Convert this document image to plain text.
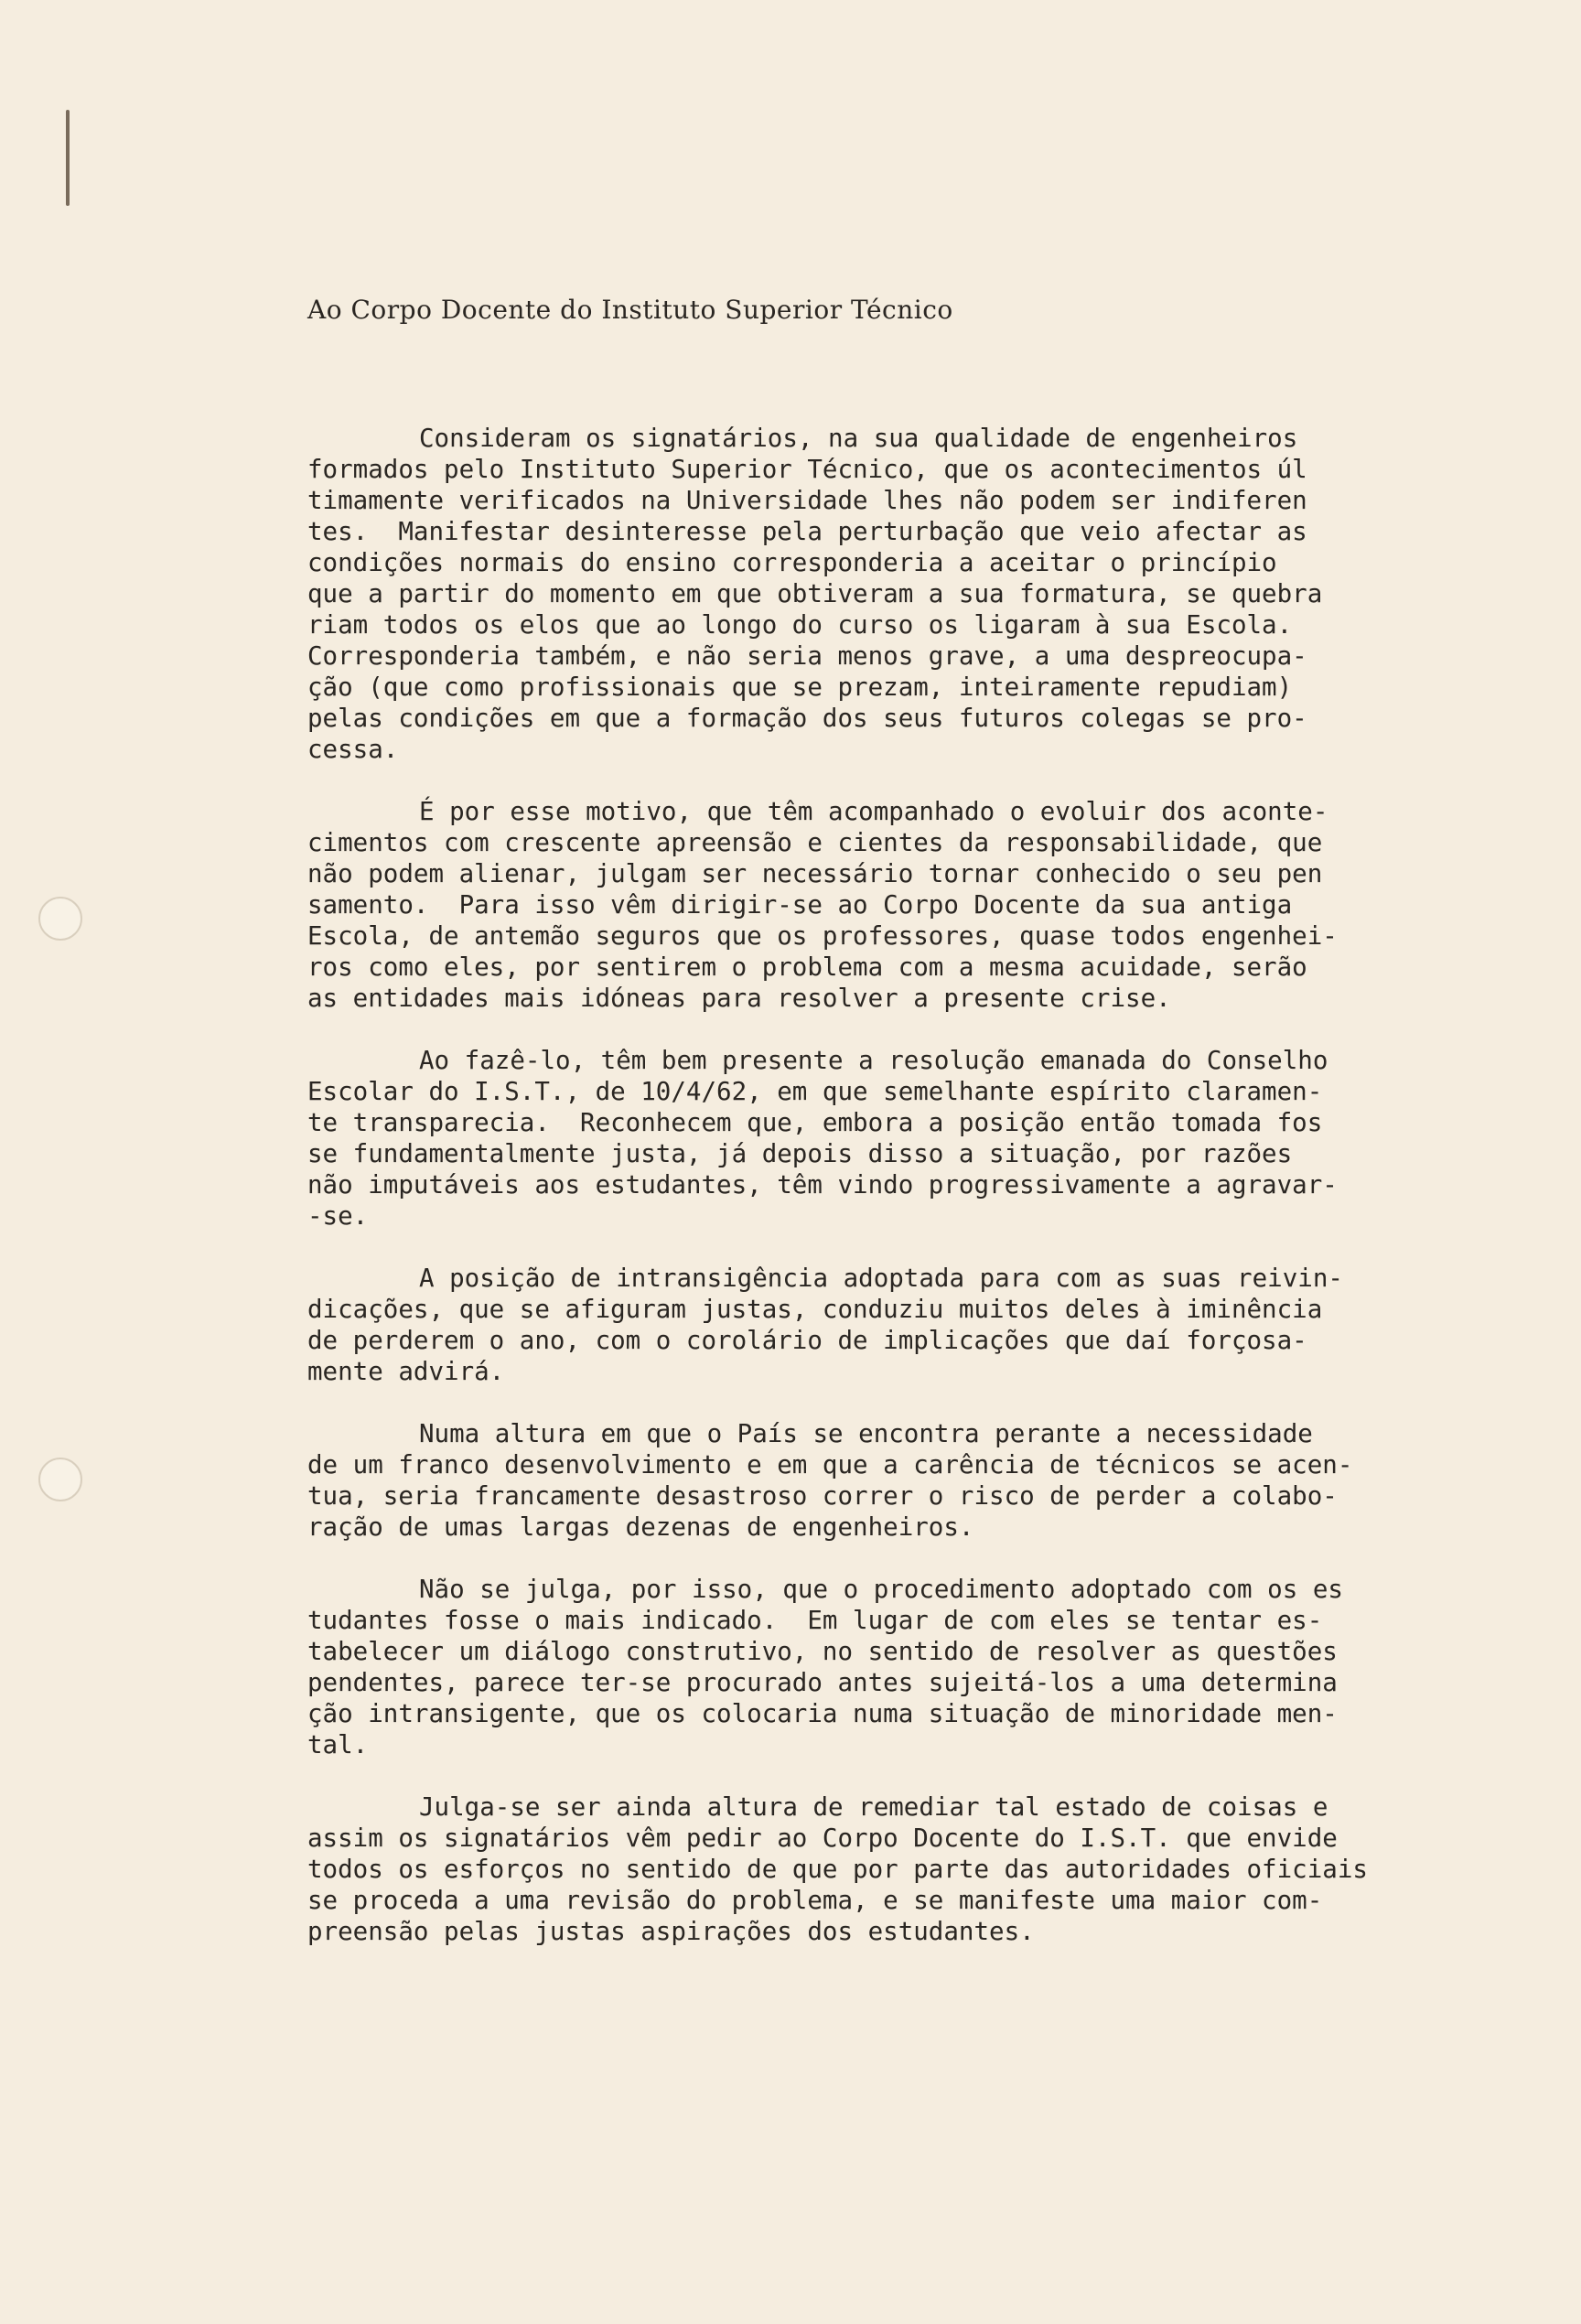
Ao Corpo Docente do Instituto Superior Técnico
Consideram os signatários, na sua qualidade de engenheiros
formados pelo Instituto Superior Técnico, que os acontecimentos úl
timamente verificados na Universidade lhes não podem ser indiferen
tes.  Manifestar desinteresse pela perturbação que veio afectar as
condições normais do ensino corresponderia a aceitar o princípio
que a partir do momento em que obtiveram a sua formatura, se quebra
riam todos os elos que ao longo do curso os ligaram à sua Escola.
Corresponderia também, e não seria menos grave, a uma despreocupa-
ção (que como profissionais que se prezam, inteiramente repudiam)
pelas condições em que a formação dos seus futuros colegas se pro-
cessa.
É por esse motivo, que têm acompanhado o evoluir dos aconte-
cimentos com crescente apreensão e cientes da responsabilidade, que
não podem alienar, julgam ser necessário tornar conhecido o seu pen
samento.  Para isso vêm dirigir-se ao Corpo Docente da sua antiga
Escola, de antemão seguros que os professores, quase todos engenhei-
ros como eles, por sentirem o problema com a mesma acuidade, serão
as entidades mais idóneas para resolver a presente crise.
Ao fazê-lo, têm bem presente a resolução emanada do Conselho
Escolar do I.S.T., de 10/4/62, em que semelhante espírito claramen-
te transparecia.  Reconhecem que, embora a posição então tomada fos
se fundamentalmente justa, já depois disso a situação, por razões
não imputáveis aos estudantes, têm vindo progressivamente a agravar-
-se.
A posição de intransigência adoptada para com as suas reivin-
dicações, que se afiguram justas, conduziu muitos deles à iminência
de perderem o ano, com o corolário de implicações que daí forçosa-
mente advirá.
Numa altura em que o País se encontra perante a necessidade
de um franco desenvolvimento e em que a carência de técnicos se acen-
tua, seria francamente desastroso correr o risco de perder a colabo-
ração de umas largas dezenas de engenheiros.
Não se julga, por isso, que o procedimento adoptado com os es
tudantes fosse o mais indicado.  Em lugar de com eles se tentar es-
tabelecer um diálogo construtivo, no sentido de resolver as questões
pendentes, parece ter-se procurado antes sujeitá-los a uma determina
ção intransigente, que os colocaria numa situação de minoridade men-
tal.
Julga-se ser ainda altura de remediar tal estado de coisas e
assim os signatários vêm pedir ao Corpo Docente do I.S.T. que envide
todos os esforços no sentido de que por parte das autoridades oficiais
se proceda a uma revisão do problema, e se manifeste uma maior com-
preensão pelas justas aspirações dos estudantes.
